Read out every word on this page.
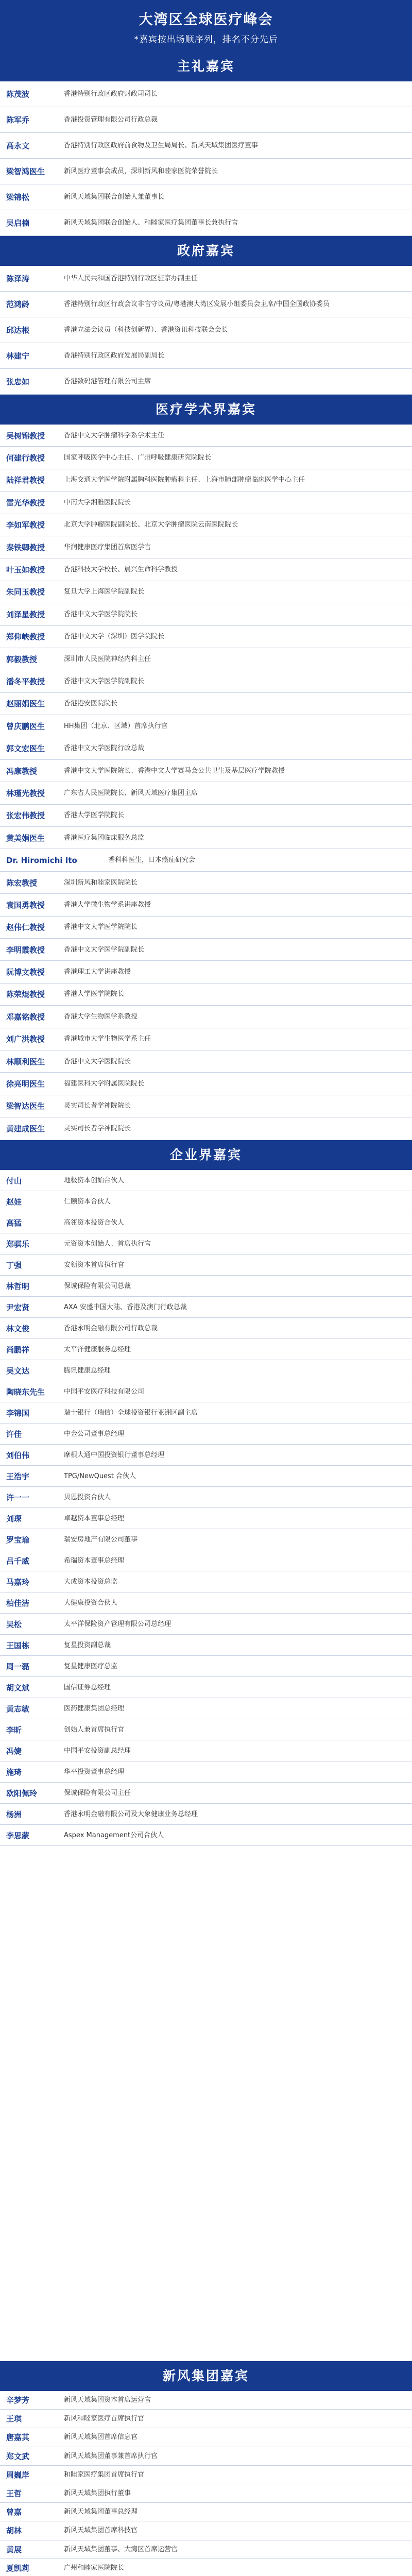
大湾区全球医疗峰会
*嘉宾按出场顺序列，排名不分先后
主礼嘉宾
陈茂波	香港特别行政区政府财政司司长
陈军乔	香港投资管理有限公司行政总裁
高永文	香港特别行政区政府前食物及卫生局局长、新风天域集团医疗董事
梁智鸿医生	新风医疗董事会成员，深圳新风和睦家医院荣誉院长
梁锦松	新风天域集团联合创始人兼董事长
吴启楠	新风天域集团联合创始人、和睦家医疗集团董事长兼执行官
政府嘉宾
陈泽涛	中华人民共和国香港特别行政区驻京办副主任
范鸿龄	香港特别行政区行政会议非官守议员/粤港澳大湾区发展小组委员会主席/中国全国政协委员
邱达根	香港立法会议员（科技创新界）、香港资讯科技联会会长
林建宁	香港特别行政区政府发展局副局长
张忠如	香港数码港管理有限公司主席
医疗学术界嘉宾
吴树锦教授	香港中文大学肿瘤科学系学术主任
何建行教授	国家呼吸医学中心主任、广州呼吸健康研究院院长
陆祥君教授	上海交通大学医学院附属胸科医院肿瘤科主任、上海市肺部肿瘤临床医学中心主任
雷光华教授	中南大学湘雅医院院长
李如军教授	北京大学肿瘤医院副院长、北京大学肿瘤医院云南医院院长
秦铁卿教授	华润健康医疗集团首席医学官
叶玉如教授	香港科技大学校长、晨兴生命科学教授
朱同玉教授	复旦大学上海医学院副院长
刘泽星教授	香港中文大学医学院院长
郑仰峡教授	香港中文大学（深圳）医学院院长
郭毅教授	深圳市人民医院神经内科主任
潘冬平教授	香港中文大学医学院副院长
赵丽娟医生	香港港安医院院长
曾庆鹏医生	HH集团（北京、区域）首席执行官
郭文宏医生	香港中文大学医院行政总裁
冯康教授	香港中文大学医院院长、香港中文大学赛马会公共卫生及基层医疗学院教授
林瑾光教授	广东省人民医院院长、新风天域医疗集团主席
张宏伟教授	香港大学医学院院长
黄美娟医生	香港医疗集团临床服务总监
Dr. Hiromichi Ito	香科科医生，日本癌症研究会
陈宏教授	深圳新风和睦家医院院长
袁国勇教授	香港大学微生物学系讲座教授
赵伟仁教授	香港中文大学医学院院长
李明霞教授	香港中文大学医学院副院长
阮博文教授	香港理工大学讲座教授
陈荣焜教授	香港大学医学院院长
邓嘉铭教授	香港大学生物医学系教授
刘广洪教授	香港城市大学生物医学系主任
林顺利医生	香港中文大学医院院长
徐亮明医生	福建医科大学附属医院院长
梁智达医生	灵实司长者学神院院长
黄建成医生	灵实司长者学神院院长
企业界嘉宾
付山	地极资本创始合伙人
赵娃	仁颐资本合伙人
高猛	高瓴资本投资合伙人
郑骐乐	元资资本创始人、首席执行官
丁强	安领资本首席执行官
林哲明	保诚保险有限公司总裁
尹宏贤	AXA 安盛中国大陆、香港及澳门行政总裁
林文俊	香港永明金融有限公司行政总裁
尚鹏祥	太平洋健康服务总经理
吴文达	腾讯健康总经理
陶晓东先生	中国平安医疗科技有限公司
李锦国	瑞士银行（瑞信）全球投资银行亚洲区副主席
许佳	中金公司董事总经理
刘伯伟	摩根大通中国投资银行董事总经理
王浩宇	TPG/NewQuest 合伙人
许一一	贝恩投资合伙人
刘琛	卓越资本董事总经理
罗宝瑜	瑞安房地产有限公司董事
吕千威	希瑞资本董事总经理
马嘉玲	大成资本投资总监
柏佳洁	大健康投资合伙人
吴松	太平洋保险资产管理有限公司总经理
王国栋	复星投资副总裁
周一磊	复星健康医疗总监
胡文斌	国信证券总经理
黄志敏	医药健康集团总经理
李昕	创始人兼首席执行官
冯婕	中国平安投资副总经理
施琦	华平投资董事总经理
欧阳佩玲	保诚保险有限公司主任
杨洲	香港永明金融有限公司及大象健康业务总经理
李思蒙	Aspex Management公司合伙人
新风集团嘉宾
辛梦芳	新风天域集团资本首席运营官
王琪	新风和睦家医疗首席执行官
唐嘉其	新风天域集团首席信息官
郑文武	新风天域集团董事兼首席执行官
周巍岸	和睦家医疗集团首席执行官
王哲	新风天域集团执行董事
曾嘉	新风天域集团董事总经理
胡林	新风天域集团首席科技官
黄展	新风天域集团董事、大湾区首席运营官
夏凯莉	广州和睦家医院院长
